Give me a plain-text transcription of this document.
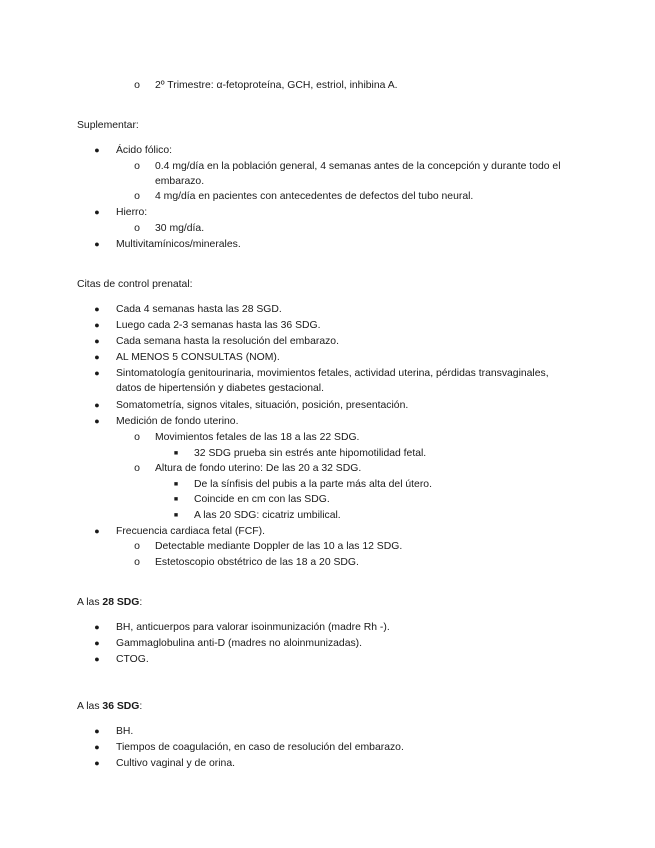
o 2º Trimestre: α-fetoproteína, GCH, estriol, inhibina A.
Suplementar:
● Ácido fólico:
o 0.4 mg/día en la población general, 4 semanas antes de la concepción y durante todo el
embarazo.
o 4 mg/día en pacientes con antecedentes de defectos del tubo neural.
● Hierro:
o 30 mg/día.
● Multivitamínicos/minerales.
Citas de control prenatal:
● Cada 4 semanas hasta las 28 SGD.
● Luego cada 2-3 semanas hasta las 36 SDG.
● Cada semana hasta la resolución del embarazo.
● AL MENOS 5 CONSULTAS (NOM).
● Sintomatología genitourinaria, movimientos fetales, actividad uterina, pérdidas transvaginales,
datos de hipertensión y diabetes gestacional.
● Somatometría, signos vitales, situación, posición, presentación.
● Medición de fondo uterino.
o Movimientos fetales de las 18 a las 22 SDG.
■ 32 SDG prueba sin estrés ante hipomotilidad fetal.
o Altura de fondo uterino: De las 20 a 32 SDG.
■ De la sínfisis del pubis a la parte más alta del útero.
■ Coincide en cm con las SDG.
■ A las 20 SDG: cicatriz umbilical.
● Frecuencia cardiaca fetal (FCF).
o Detectable mediante Doppler de las 10 a las 12 SDG.
o Estetoscopio obstétrico de las 18 a 20 SDG.
A las 28 SDG:
● BH, anticuerpos para valorar isoinmunización (madre Rh -).
● Gammaglobulina anti-D (madres no aloinmunizadas).
● CTOG.
A las 36 SDG:
● BH.
● Tiempos de coagulación, en caso de resolución del embarazo.
● Cultivo vaginal y de orina.
